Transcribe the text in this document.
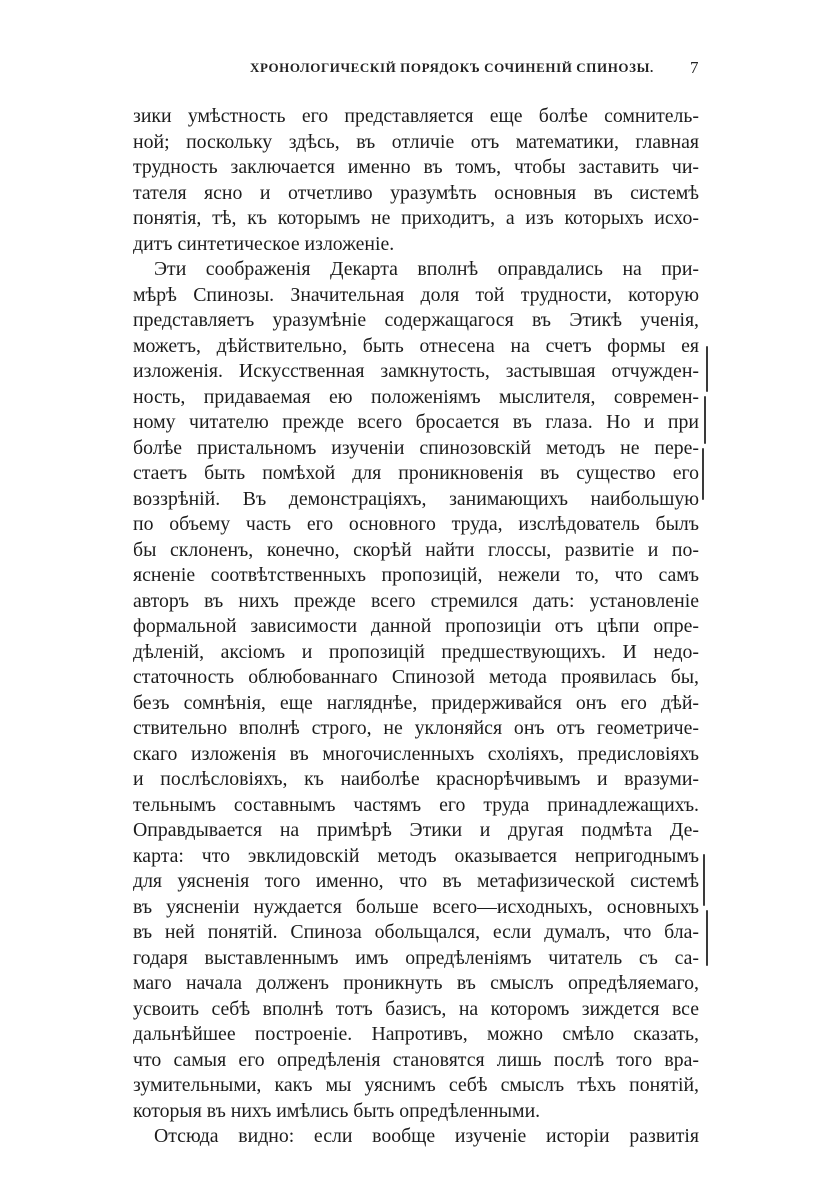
ХРОНОЛОГИЧЕСКІЙ ПОРЯДОКЪ СОЧИНЕНІЙ СПИНОЗЫ. 7
зики умѣстность его представляется еще болѣе сомнитель-
ной; поскольку здѣсь, въ отличіе отъ математики, главная
трудность заключается именно въ томъ, чтобы заставить чи-
тателя ясно и отчетливо уразумѣть основныя въ системѣ
понятія, тѣ, къ которымъ не приходитъ, а изъ которыхъ исхо-
дитъ синтетическое изложеніе.
Эти соображенія Декарта вполнѣ оправдались на при-
мѣрѣ Спинозы. Значительная доля той трудности, которую
представляетъ уразумѣніе содержащагося въ Этикѣ ученія,
можетъ, дѣйствительно, быть отнесена на счетъ формы ея
изложенія. Искусственная замкнутость, застывшая отчужден-
ность, придаваемая ею положеніямъ мыслителя, современ-
ному читателю прежде всего бросается въ глаза. Но и при
болѣе пристальномъ изученіи спинозовскій методъ не пере-
стаетъ быть помѣхой для проникновенія въ существо его
воззрѣній. Въ демонстраціяхъ, занимающихъ наибольшую
по объему часть его основного труда, изслѣдователь былъ
бы склоненъ, конечно, скорѣй найти глоссы, развитіе и по-
ясненіе соотвѣтственныхъ пропозицій, нежели то, что самъ
авторъ въ нихъ прежде всего стремился дать: установленіе
формальной зависимости данной пропозиціи отъ цѣпи опре-
дѣленій, аксіомъ и пропозицій предшествующихъ. И недо-
статочность облюбованнаго Спинозой метода проявилась бы,
безъ сомнѣнія, еще нагляднѣе, придерживайся онъ его дѣй-
ствительно вполнѣ строго, не уклоняйся онъ отъ геометриче-
скаго изложенія въ многочисленныхъ схоліяхъ, предисловіяхъ
и послѣсловіяхъ, къ наиболѣе краснорѣчивымъ и вразуми-
тельнымъ составнымъ частямъ его труда принадлежащихъ.
Оправдывается на примѣрѣ Этики и другая подмѣта Де-
карта: что эвклидовскій методъ оказывается непригоднымъ
для уясненія того именно, что въ метафизической системѣ
въ уясненіи нуждается больше всего—исходныхъ, основныхъ
въ ней понятій. Спиноза обольщался, если думалъ, что бла-
годаря выставленнымъ имъ опредѣленіямъ читатель съ са-
маго начала долженъ проникнуть въ смыслъ опредѣляемаго,
усвоить себѣ вполнѣ тотъ базисъ, на которомъ зиждется все
дальнѣйшее построеніе. Напротивъ, можно смѣло сказать,
что самыя его опредѣленія становятся лишь послѣ того вра-
зумительными, какъ мы уяснимъ себѣ смыслъ тѣхъ понятій,
которыя въ нихъ имѣлись быть опредѣленными.
Отсюда видно: если вообще изученіе исторіи развитія
